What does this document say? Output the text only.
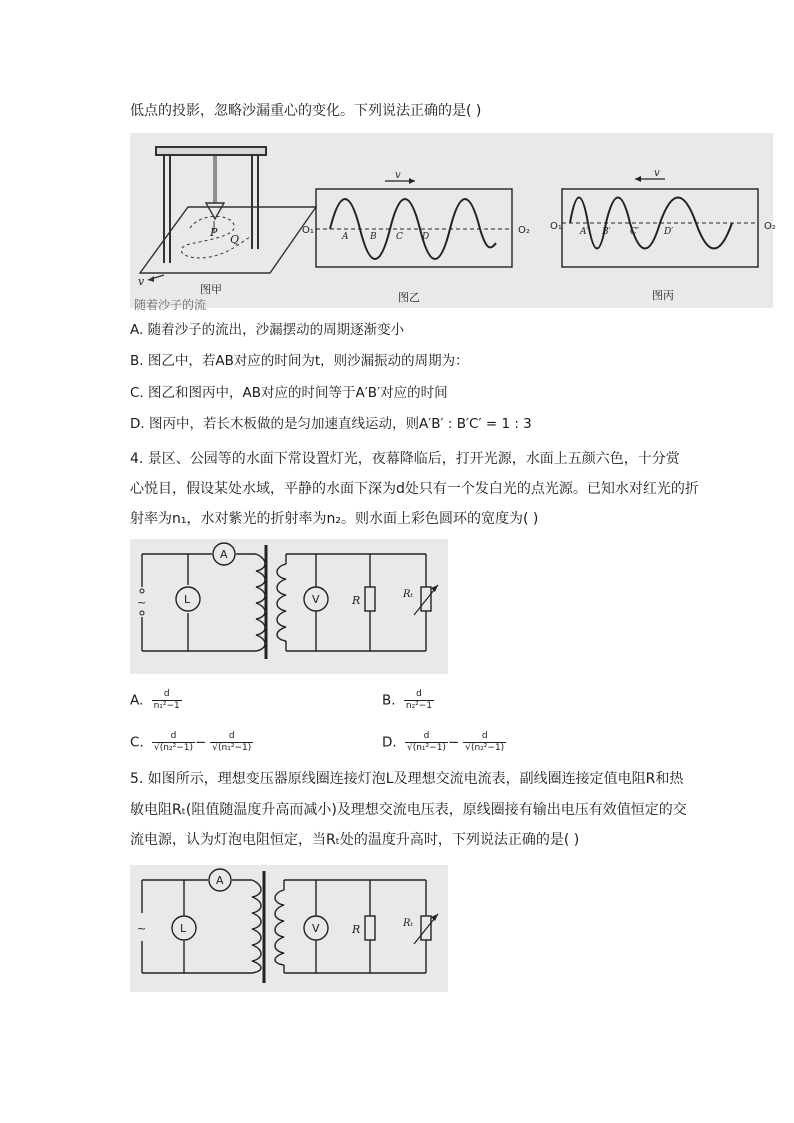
低点的投影，忽略沙漏重心的变化。下列说法正确的是( )
P
Q
v
图甲
随着沙子的流
v
O₁	O₂
A B C D
图乙
v
O₁	O₂
A′ B′ C′	D′
图丙
A. 随着沙子的流出，沙漏摆动的周期逐渐变小
B. 图乙中，若AB对应的时间为t，则沙漏振动的周期为：
C. 图乙和图丙中，AB对应的时间等于A′B′对应的时间
D. 图丙中，若长木板做的是匀加速直线运动，则A′B′ : B′C′ = 1 : 3
4. 景区、公园等的水面下常设置灯光，夜幕降临后，打开光源，水面上五颜六色，十分赏
心悦目，假设某处水域，平静的水面下深为d处只有一个发白光的点光源。已知水对红光的折
射率为n₁，水对紫光的折射率为n₂。则水面上彩色圆环的宽度为( )
~
A
L	V	R	Rₜ
A. $\frac{d}{\text{n₁²−1}}$	B. $\frac{d}{\text{n₂²−1}}$
C. $\frac{d}{\text{√(n₂²−1)}} - \frac{d}{\text{√(n₁²−1)}}$	D. $\frac{d}{\text{√(n₁²−1)}} - \frac{d}{\text{√(n₂²−1)}}$
5. 如图所示，理想变压器原线圈连接灯泡L及理想交流电流表，副线圈连接定值电阻R和热
敏电阻Rₜ(阻值随温度升高而减小)及理想交流电压表，原线圈接有输出电压有效值恒定的交
流电源，认为灯泡电阻恒定，当Rₜ处的温度升高时，下列说法正确的是( )
~
A
L	V	R	Rₜ
